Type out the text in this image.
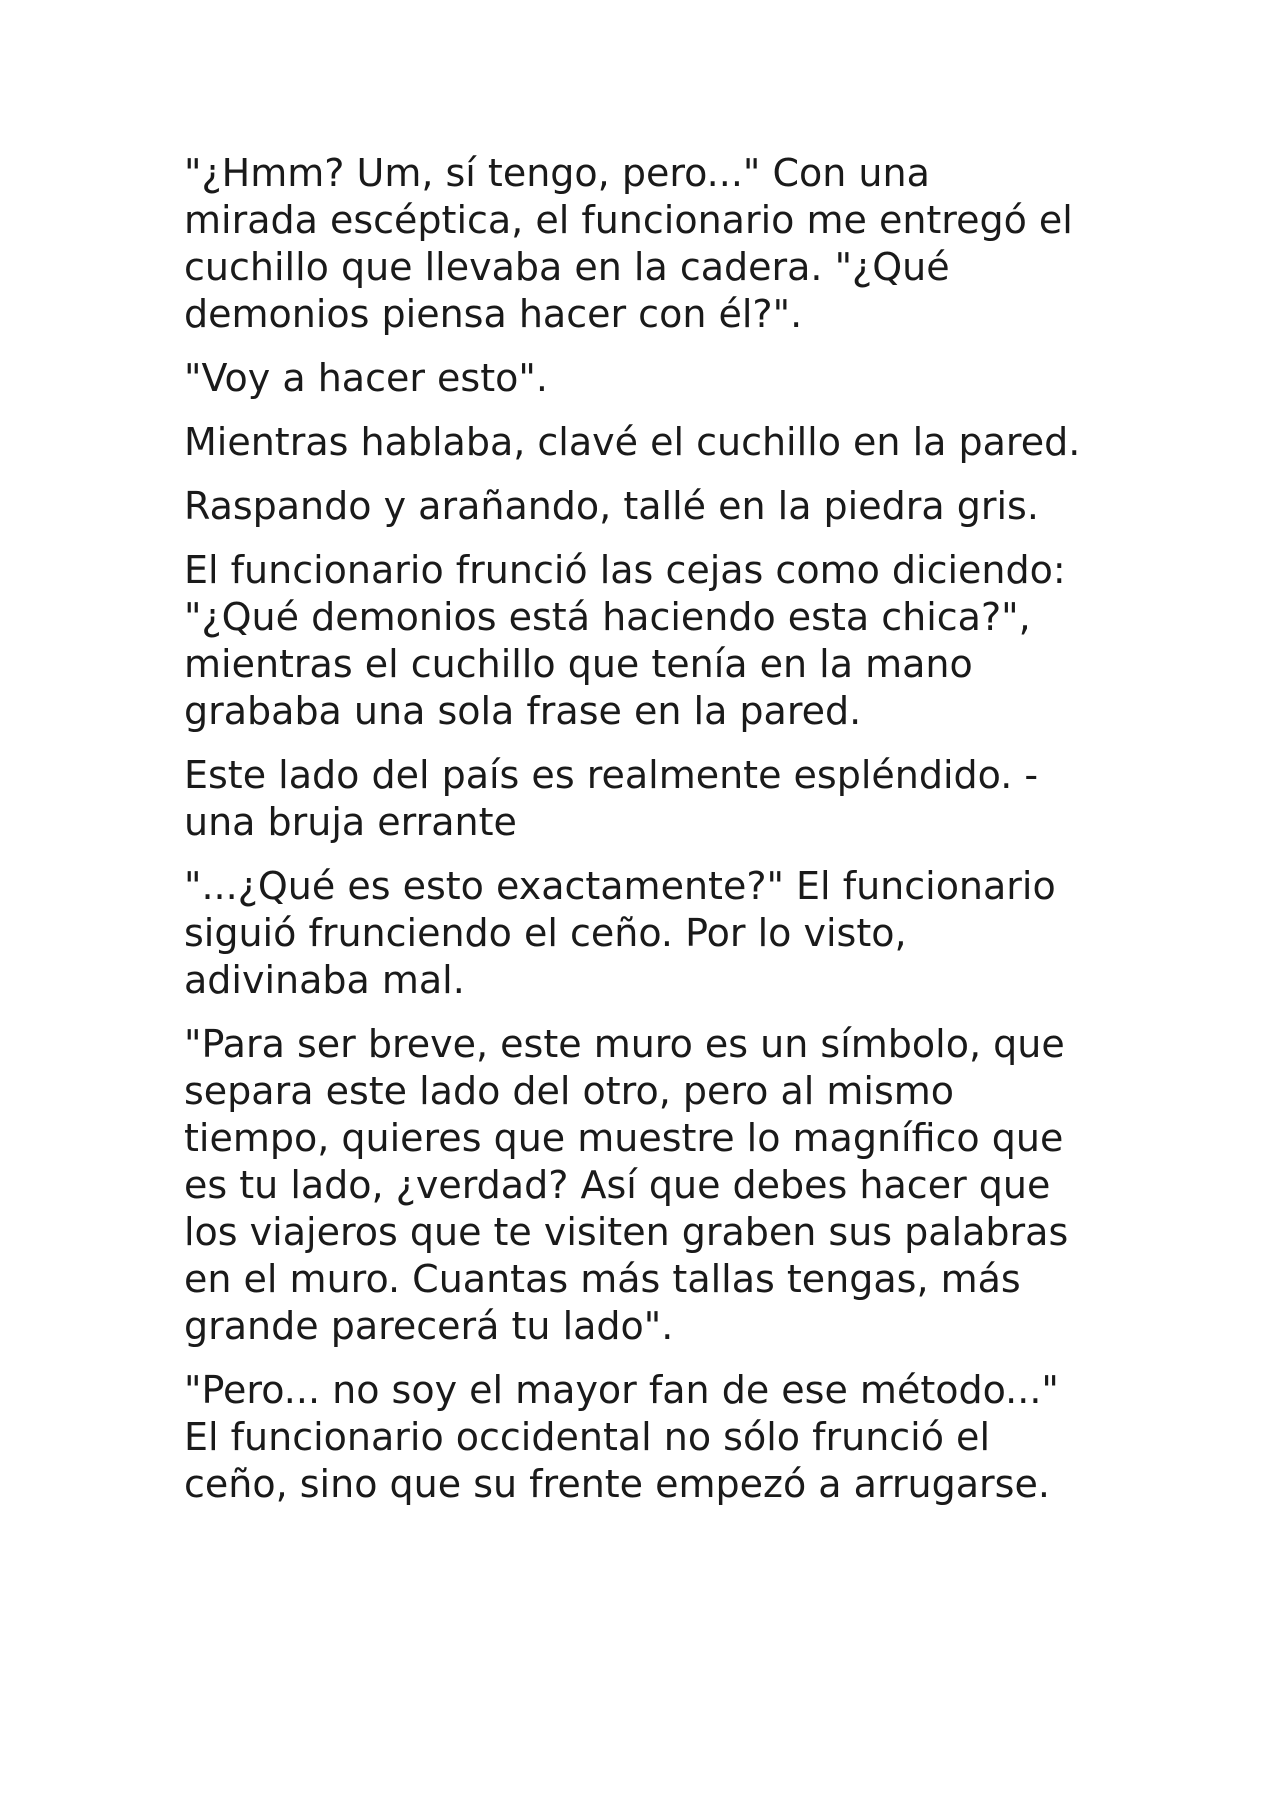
"¿Hmm? Um, sí tengo, pero..." Con una
mirada escéptica, el funcionario me entregó el
cuchillo que llevaba en la cadera. "¿Qué
demonios piensa hacer con él?".

"Voy a hacer esto".

Mientras hablaba, clavé el cuchillo en la pared.

Raspando y arañando, tallé en la piedra gris.

El funcionario frunció las cejas como diciendo:
"¿Qué demonios está haciendo esta chica?",
mientras el cuchillo que tenía en la mano
grababa una sola frase en la pared.

Este lado del país es realmente espléndido. -
una bruja errante

"...¿Qué es esto exactamente?" El funcionario
siguió frunciendo el ceño. Por lo visto,
adivinaba mal.

"Para ser breve, este muro es un símbolo, que
separa este lado del otro, pero al mismo
tiempo, quieres que muestre lo magnífico que
es tu lado, ¿verdad? Así que debes hacer que
los viajeros que te visiten graben sus palabras
en el muro. Cuantas más tallas tengas, más
grande parecerá tu lado".

"Pero... no soy el mayor fan de ese método..."
El funcionario occidental no sólo frunció el
ceño, sino que su frente empezó a arrugarse.
